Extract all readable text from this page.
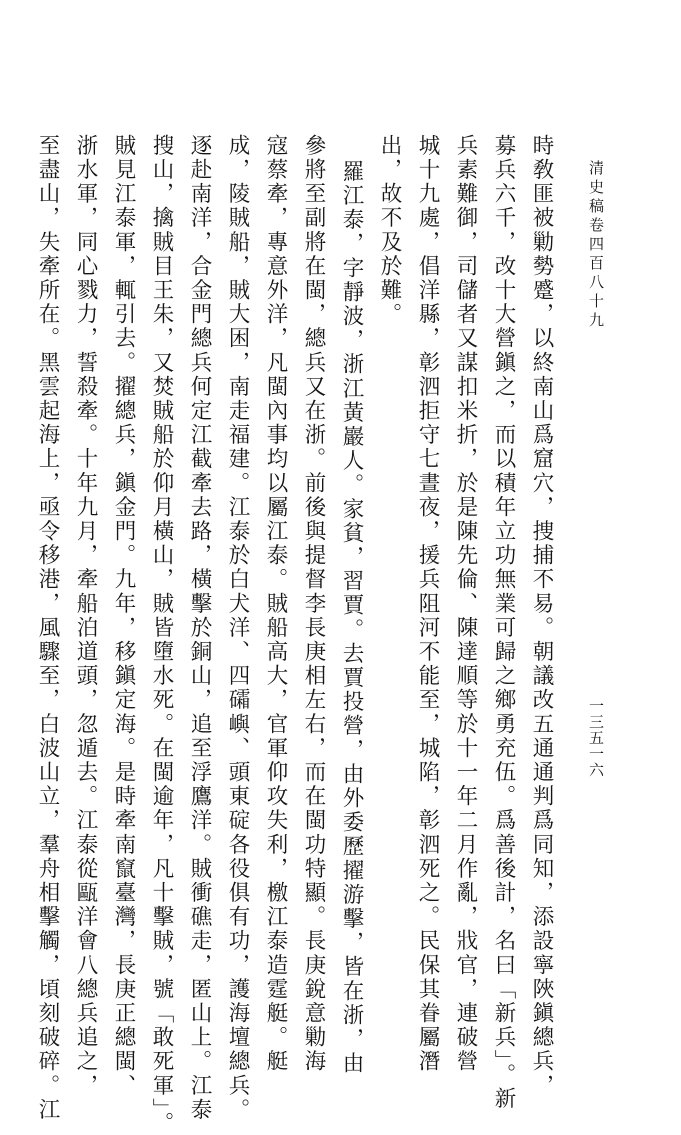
清史稿卷四百八十九
一三五一六
時敎匪被勦勢蹙，以終南山爲窟穴，捜捕不易。朝議改五通通判爲同知，添設寧陜鎭總兵，
募兵六千，改十大營鎭之，而以積年立功無業可歸之鄉勇充伍。爲善後計，名曰「新兵」。新
兵素難御，司儲者又謀扣米折，於是陳先倫、陳達順等於十一年二月作亂，戕官，連破營
城十九處，倡洋縣，彰泗拒守七晝夜，援兵阻河不能至，城陷，彰泗死之。民保其眷屬潛
出，故不及於難。
羅江泰，字靜波，浙江黃巖人。家貧，習賈。去賈投營，由外委歷擢游擊，皆在浙，由
參將至副將在閩，總兵又在浙。前後與提督李長庚相左右，而在閩功特顯。長庚銳意勦海
寇蔡牽，專意外洋，凡閩內事均以屬江泰。賊船高大，官軍仰攻失利，檄江泰造霆艇。艇
成，陵賊船，賊大困，南走福建。江泰於白犬洋、四礵嶼、頭東碇各役俱有功，護海壇總兵。
逐赴南洋，合金門總兵何定江截牽去路，橫擊於銅山，追至浮鷹洋。賊衝礁走，匿山上。江泰
搜山，擒賊目王朱，又焚賊船於仰月橫山，賊皆墮水死。在閩逾年，凡十擊賊，號「敢死軍」。
賊見江泰軍，輒引去。擢總兵，鎭金門。九年，移鎭定海。是時牽南竄臺灣，長庚正總閩、
浙水軍，同心戮力，誓殺牽。十年九月，牽船泊道頭，忽遁去。江泰從甌洋會八總兵追之，
至盡山，失牽所在。黑雲起海上，亟令移港，風驟至，白波山立，羣舟相擊觸，頃刻破碎。江
